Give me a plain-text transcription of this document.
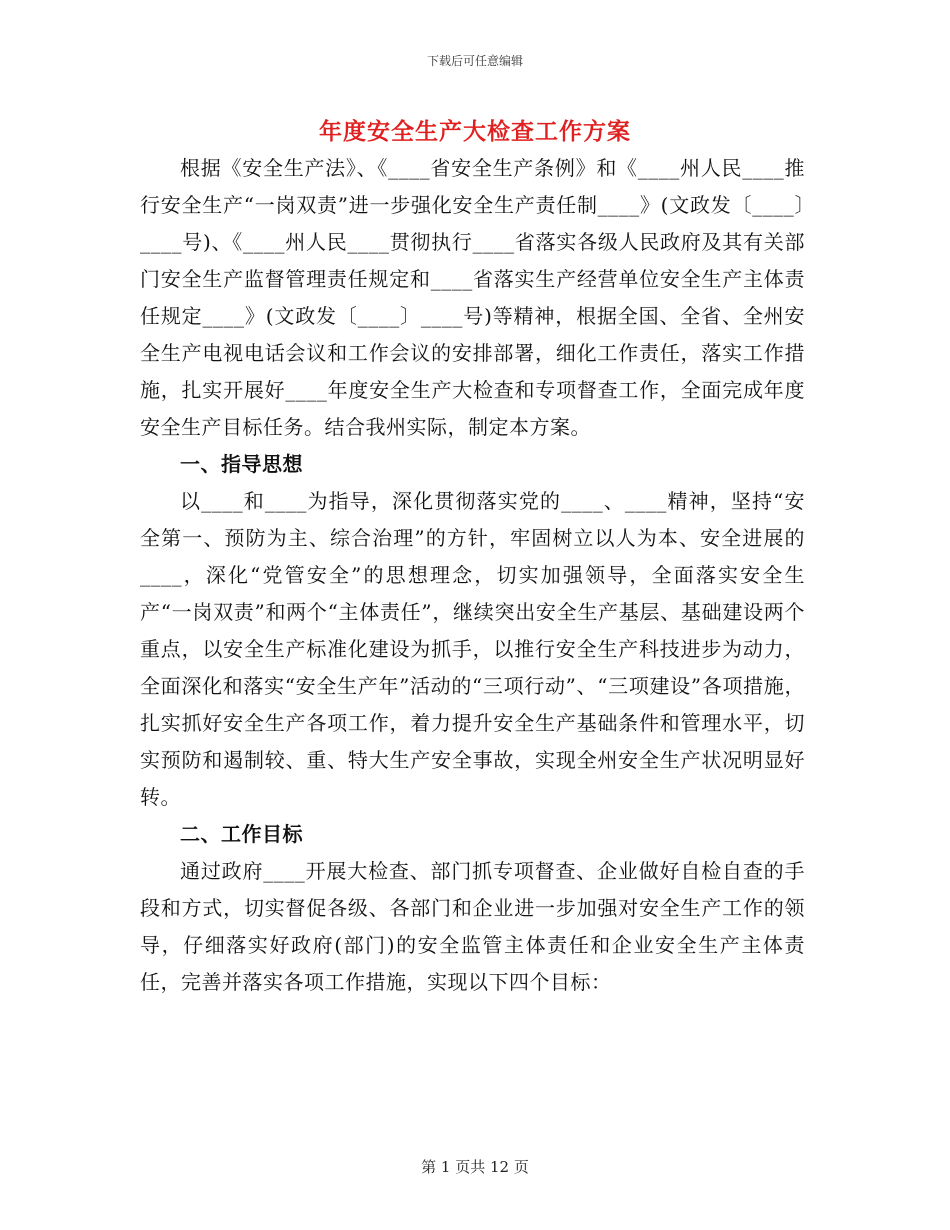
下载后可任意编辑
年度安全生产大检查工作方案

根据《安全生产法》、《____省安全生产条例》和《____州人民____推行安全生产“一岗双责”进一步强化安全生产责任制____》(文政发〔____〕____号)、《____州人民____贯彻执行____省落实各级人民政府及其有关部门安全生产监督管理责任规定和____省落实生产经营单位安全生产主体责任规定____》(文政发〔____〕____号)等精神，根据全国、全省、全州安全生产电视电话会议和工作会议的安排部署，细化工作责任，落实工作措施，扎实开展好____年度安全生产大检查和专项督查工作，全面完成年度安全生产目标任务。结合我州实际，制定本方案。

一、指导思想

以____和____为指导，深化贯彻落实党的____、____精神，坚持“安全第一、预防为主、综合治理”的方针，牢固树立以人为本、安全进展的____，深化“党管安全”的思想理念，切实加强领导，全面落实安全生产“一岗双责”和两个“主体责任”，继续突出安全生产基层、基础建设两个重点，以安全生产标准化建设为抓手，以推行安全生产科技进步为动力，全面深化和落实“安全生产年”活动的“三项行动”、“三项建设”各项措施，扎实抓好安全生产各项工作，着力提升安全生产基础条件和管理水平，切实预防和遏制较、重、特大生产安全事故，实现全州安全生产状况明显好转。

二、工作目标

通过政府____开展大检查、部门抓专项督查、企业做好自检自查的手段和方式，切实督促各级、各部门和企业进一步加强对安全生产工作的领导，仔细落实好政府(部门)的安全监管主体责任和企业安全生产主体责任，完善并落实各项工作措施，实现以下四个目标：

第 1 页共 12 页
